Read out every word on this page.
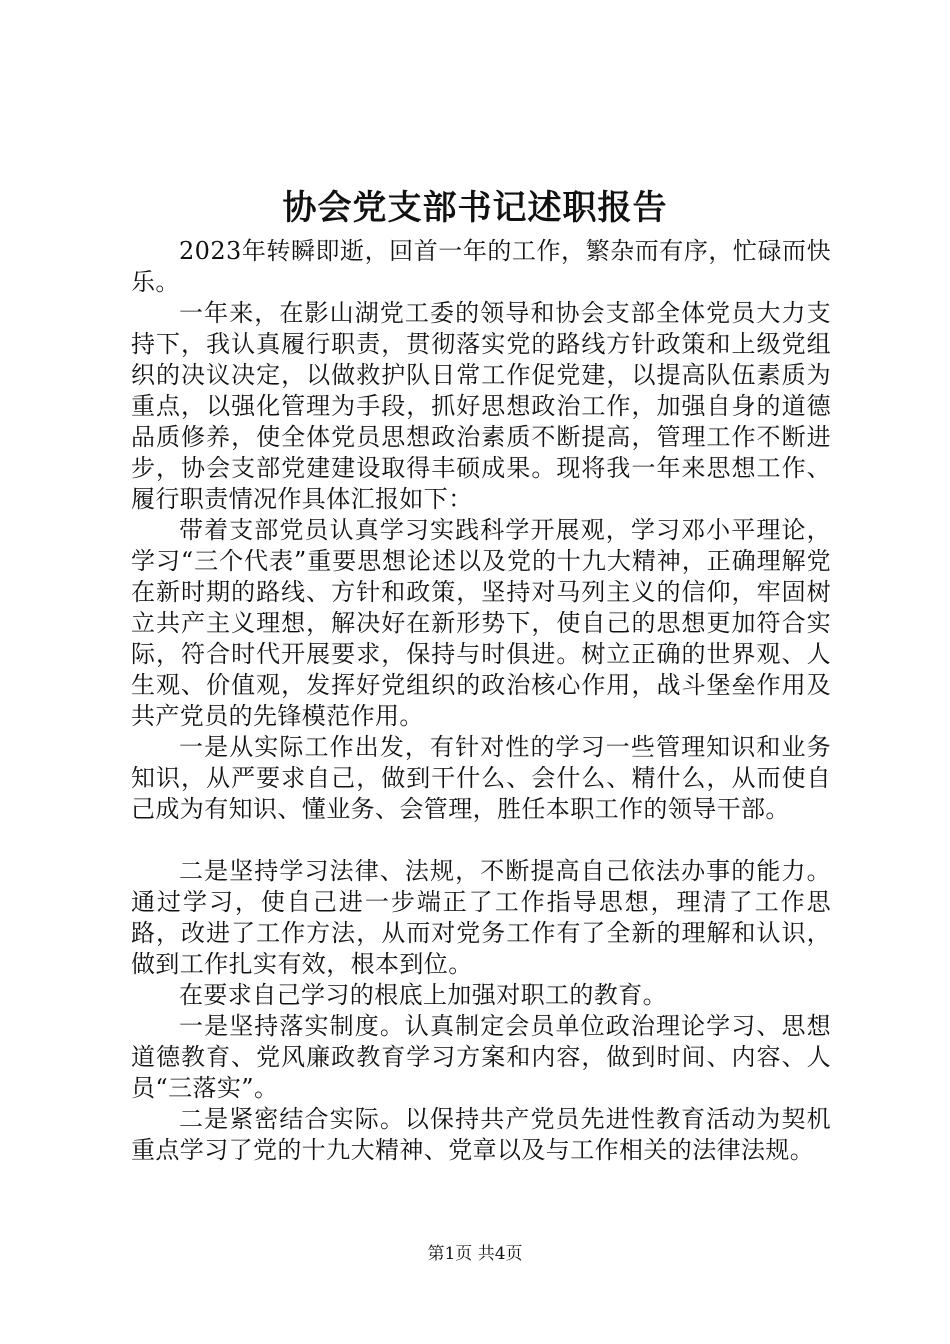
协会党支部书记述职报告

2023年转瞬即逝，回首一年的工作，繁杂而有序，忙碌而快乐。

一年来，在影山湖党工委的领导和协会支部全体党员大力支持下，我认真履行职责，贯彻落实党的路线方针政策和上级党组织的决议决定，以做救护队日常工作促党建，以提高队伍素质为重点，以强化管理为手段，抓好思想政治工作，加强自身的道德品质修养，使全体党员思想政治素质不断提高，管理工作不断进步，协会支部党建建设取得丰硕成果。现将我一年来思想工作、履行职责情况作具体汇报如下：

带着支部党员认真学习实践科学开展观，学习邓小平理论，学习“三个代表”重要思想论述以及党的十九大精神，正确理解党在新时期的路线、方针和政策，坚持对马列主义的信仰，牢固树立共产主义理想，解决好在新形势下，使自己的思想更加符合实际，符合时代开展要求，保持与时俱进。树立正确的世界观、人生观、价值观，发挥好党组织的政治核心作用，战斗堡垒作用及共产党员的先锋模范作用。

一是从实际工作出发，有针对性的学习一些管理知识和业务知识，从严要求自己，做到干什么、会什么、精什么，从而使自己成为有知识、懂业务、会管理，胜任本职工作的领导干部。

二是坚持学习法律、法规，不断提高自己依法办事的能力。通过学习，使自己进一步端正了工作指导思想，理清了工作思路，改进了工作方法，从而对党务工作有了全新的理解和认识，做到工作扎实有效，根本到位。

在要求自己学习的根底上加强对职工的教育。

一是坚持落实制度。认真制定会员单位政治理论学习、思想道德教育、党风廉政教育学习方案和内容，做到时间、内容、人员“三落实”。

二是紧密结合实际。以保持共产党员先进性教育活动为契机重点学习了党的十九大精神、党章以及与工作相关的法律法规。

第1页 共4页
